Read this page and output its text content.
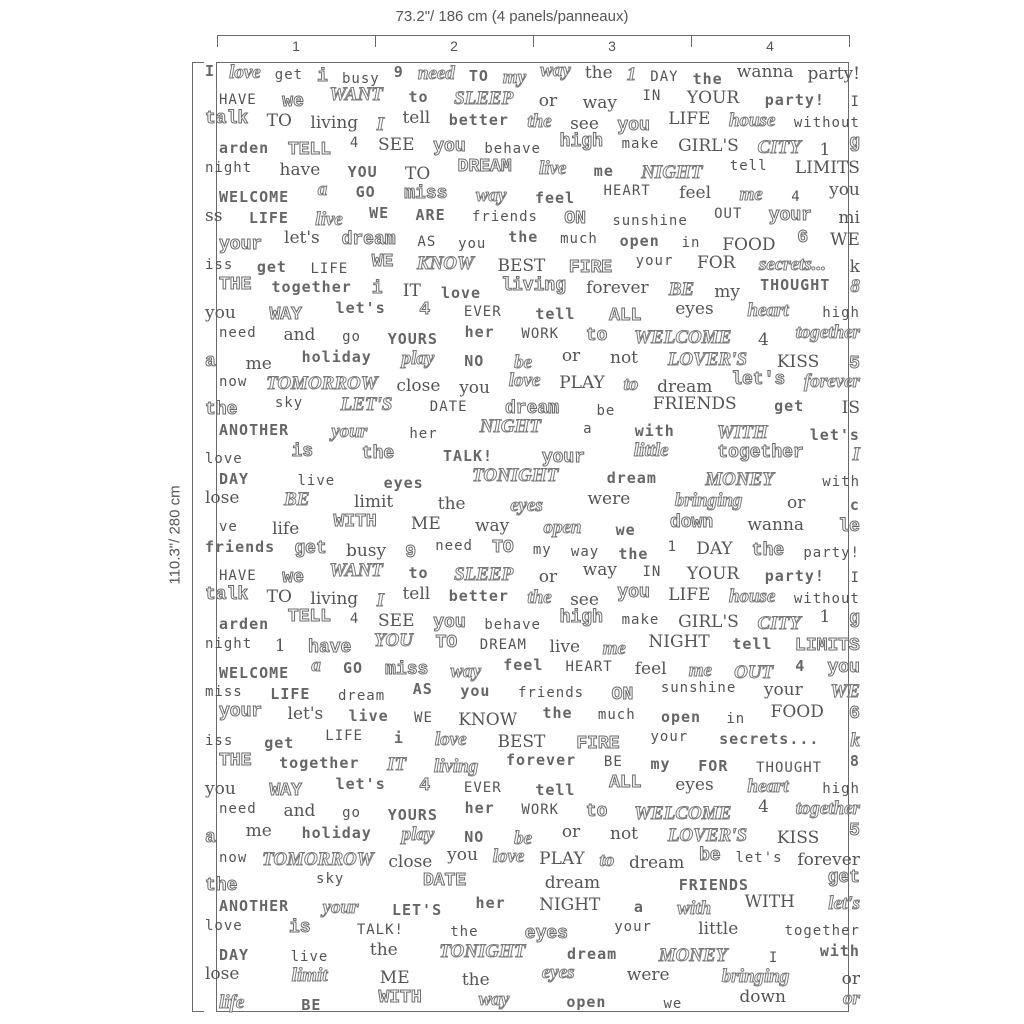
73.2"/ 186 cm (4 panels/panneaux)
110.3"/ 280 cm
1	2	3	4
I love get i busy 9 need TO my way the 1 DAY the wanna party!
HAVE we WANT to SLEEP or way IN YOUR party! I
talk TO living I tell better the see you LIFE house without
arden TELL 4 SEE you behave high make GIRL'S CITY 1 g
night have YOU TO DREAM live me NIGHT tell LIMITS
WELCOME a GO miss way feel HEART feel me 4 you
ss LIFE live WE ARE friends ON sunshine OUT your mi
your let's dream AS you the much open in FOOD 6 WE
iss get LIFE WE KNOW BEST FIRE your FOR secrets... k
THE together i IT love living forever BE my THOUGHT 8
you WAY let's 4 EVER tell ALL eyes heart high
need and go YOURS her WORK to WELCOME 4 together
a me holiday play NO be or not LOVER'S KISS 5
now TOMORROW close you love PLAY to dream let's forever
the	sky LET'S	DATE dream	be FRIENDS get IS
ANOTHER your	her NIGHT	a	with WITH	let's
love	is	the	TALK!	your	little	together	I
DAY	live	eyes	TONIGHT	dream	MONEY	with
lose BE	limit	the eyes	were bringing	or	c
ve life WITH ME way open we down wanna le
friends get busy 9 need TO my way the 1 DAY the party!
HAVE we WANT to SLEEP or way IN YOUR party! I
talk TO living I tell better the see you LIFE house without
arden TELL 4 SEE you behave high make GIRL'S CITY 1 g
night 1 have YOU TO DREAM live me NIGHT tell LIMITS
WELCOME a GO miss way feel HEART feel me OUT 4 you
miss LIFE dream AS you friends ON sunshine your WE
your let's live WE KNOW the much open in FOOD 6
iss get LIFE i love BEST FIRE your secrets... k
THE together IT living forever BE my FOR THOUGHT 8
you WAY let's 4 EVER tell ALL eyes heart high
need and go YOURS her WORK to WELCOME 4 together
a me holiday play NO be or not LOVER'S KISS 5
now TOMORROW close you love PLAY to dream be let's forever
the	sky	DATE	dream	FRIENDS	get
ANOTHER your LET'S her NIGHT a with WITH let's
love	is	TALK!	the	eyes	your	little	together
DAY	live the TONIGHT	dream MONEY	I	with
lose	limit	ME	the	eyes	were	bringing	or
life	BE	WITH	way	open	we	down	or
